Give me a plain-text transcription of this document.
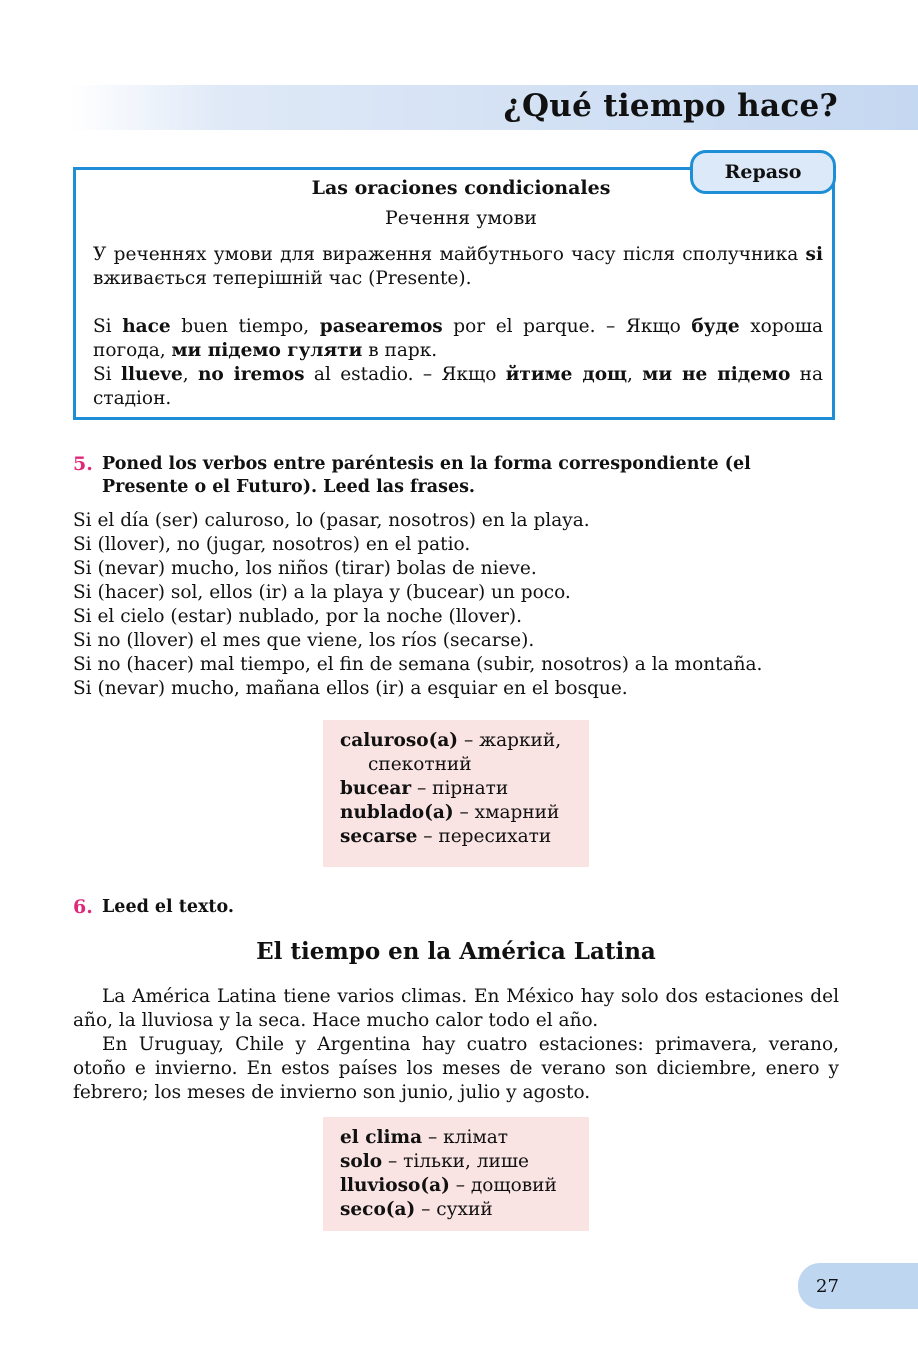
¿Qué tiempo hace?
Repaso
Las oraciones condicionales
Речення умови
У реченнях умови для вираження майбутнього часу після сполучника si вживається теперішній час (Presente).
Si hace buen tiempo, pasearemos por el parque. – Якщо буде хороша погода, ми підемо гуляти в парк.
Si llueve, no iremos al estadio. – Якщо йтиме дощ, ми не підемо на стадіон.
5. Poned los verbos entre paréntesis en la forma correspondiente (el Presente o el Futuro). Leed las frases.
Si el día (ser) caluroso, lo (pasar, nosotros) en la playa.
Si (llover), no (jugar, nosotros) en el patio.
Si (nevar) mucho, los niños (tirar) bolas de nieve.
Si (hacer) sol, ellos (ir) a la playa y (bucear) un poco.
Si el cielo (estar) nublado, por la noche (llover).
Si no (llover) el mes que viene, los ríos (secarse).
Si no (hacer) mal tiempo, el fin de semana (subir, nosotros) a la montaña.
Si (nevar) mucho, mañana ellos (ir) a esquiar en el bosque.
caluroso(a) – жаркий,
спекотний
bucear – пірнати
nublado(a) – хмарний
secarse – пересихати
6. Leed el texto.
El tiempo en la América Latina
La América Latina tiene varios climas. En México hay solo dos estaciones del año, la lluviosa y la seca. Hace mucho calor todo el año.
En Uruguay, Chile y Argentina hay cuatro estaciones: primavera, verano, otoño e invierno. En estos países los meses de verano son diciembre, enero y febrero; los meses de invierno son junio, julio y agosto.
el clima – клімат
solo – тільки, лише
lluvioso(a) – дощовий
seco(a) – сухий
27
